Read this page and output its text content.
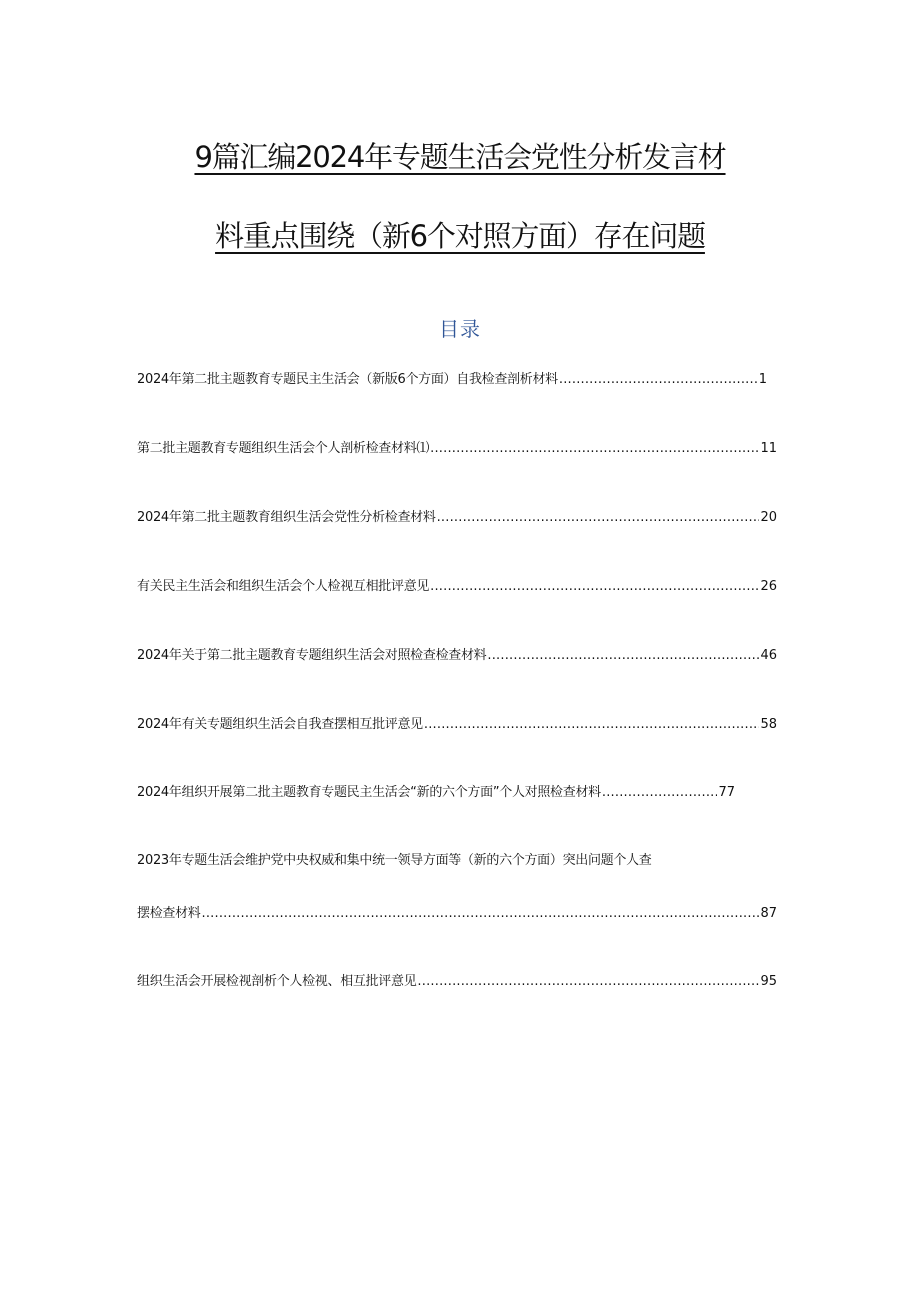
9篇汇编2024年专题生活会党性分析发言材
料重点围绕（新6个对照方面）存在问题
目录
2024年第二批主题教育专题民主生活会（新版6个方面）自我检查剖析材料 .....	1
第二批主题教育专题组织生活会个人剖析检查材料⑴ .....	11
2024年第二批主题教育组织生活会党性分析检查材料 .....	20
有关民主生活会和组织生活会个人检视互相批评意见 .....	26
2024年关于第二批主题教育专题组织生活会对照检查检查材料 .....	46
2024年有关专题组织生活会自我查摆相互批评意见 .....	58
2024年组织开展第二批主题教育专题民主生活会“新的六个方面”个人对照检查材料 .....	77
2023年专题生活会维护党中央权威和集中统一领导方面等（新的六个方面）突出问题个人查
摆检查材料 .....	87
组织生活会开展检视剖析个人检视、相互批评意见 .....	95
